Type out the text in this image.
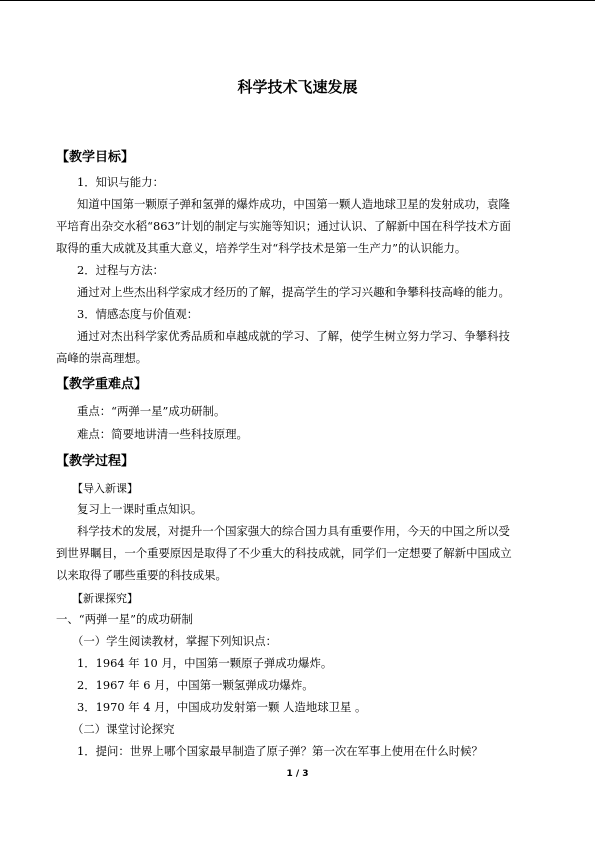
科学技术飞速发展
【教学目标】
1．知识与能力：
知道中国第一颗原子弹和氢弹的爆炸成功，中国第一颗人造地球卫星的发射成功，袁隆
平培育出杂交水稻“863”计划的制定与实施等知识；通过认识、了解新中国在科学技术方面
取得的重大成就及其重大意义，培养学生对“科学技术是第一生产力”的认识能力。
2．过程与方法：
通过对上些杰出科学家成才经历的了解，提高学生的学习兴趣和争攀科技高峰的能力。
3．情感态度与价值观：
通过对杰出科学家优秀品质和卓越成就的学习、了解，使学生树立努力学习、争攀科技
高峰的崇高理想。
【教学重难点】
重点：“两弹一星”成功研制。
难点：简要地讲清一些科技原理。
【教学过程】
【导入新课】
复习上一课时重点知识。
科学技术的发展，对提升一个国家强大的综合国力具有重要作用，今天的中国之所以受
到世界瞩目，一个重要原因是取得了不少重大的科技成就，同学们一定想要了解新中国成立
以来取得了哪些重要的科技成果。
【新课探究】
一、“两弹一星”的成功研制
（一）学生阅读教材，掌握下列知识点：
1．1964 年 10 月，中国第一颗原子弹成功爆炸。
2．1967 年 6 月，中国第一颗氢弹成功爆炸。
3．1970 年 4 月，中国成功发射第一颗 人造地球卫星 。
（二）课堂讨论探究
1．提问：世界上哪个国家最早制造了原子弹？第一次在军事上使用在什么时候？
1 / 3
